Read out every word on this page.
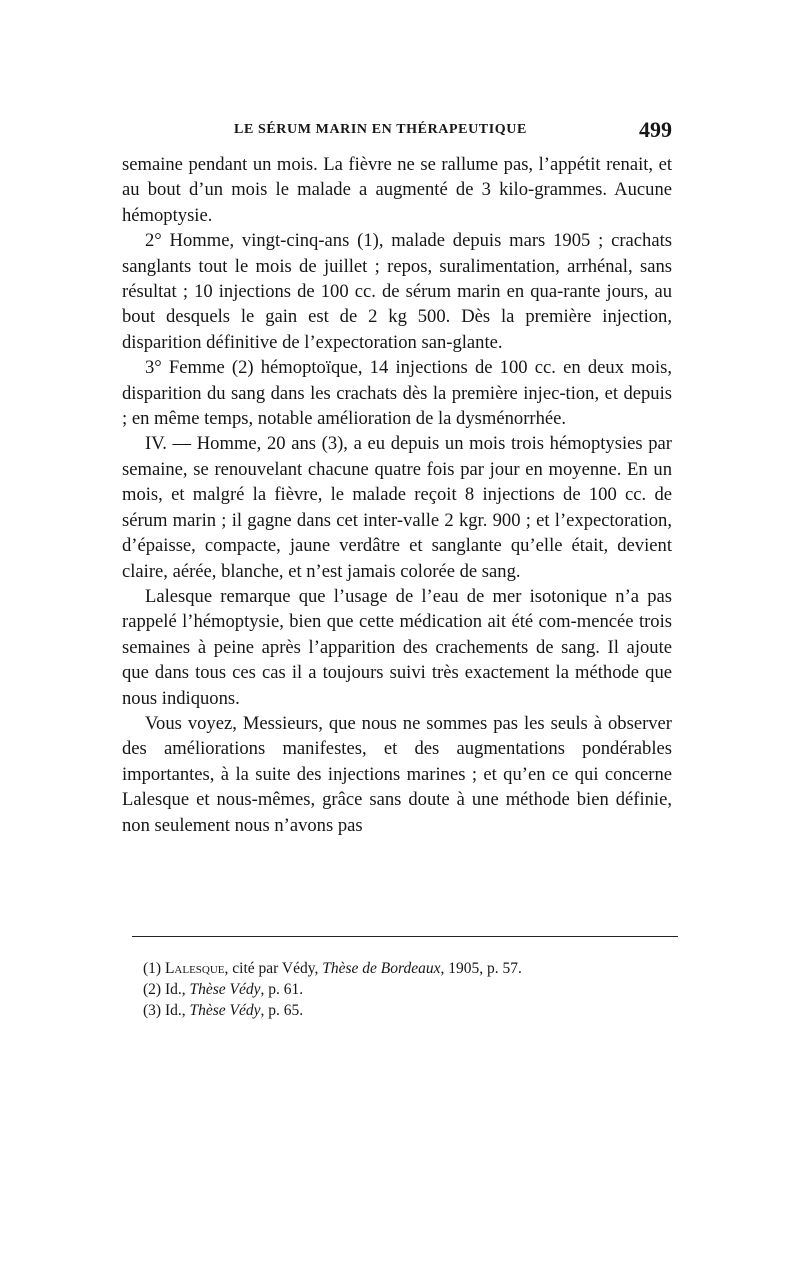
LE SÉRUM MARIN EN THÉRAPEUTIQUE	499

semaine pendant un mois. La fièvre ne se rallume pas, l’appétit renait, et au bout d’un mois le malade a augmenté de 3 kilo-grammes. Aucune hémoptysie.

2° Homme, vingt-cinq-ans (1), malade depuis mars 1905 ; crachats sanglants tout le mois de juillet ; repos, suralimentation, arrhénal, sans résultat ; 10 injections de 100 cc. de sérum marin en qua-rante jours, au bout desquels le gain est de 2 kg 500. Dès la première injection, disparition définitive de l’expectoration san-glante.

3° Femme (2) hémoptoïque, 14 injections de 100 cc. en deux mois, disparition du sang dans les crachats dès la première injec-tion, et depuis ; en même temps, notable amélioration de la dysménorrhée.

IV. — Homme, 20 ans (3), a eu depuis un mois trois hémoptysies par semaine, se renouvelant chacune quatre fois par jour en moyenne. En un mois, et malgré la fièvre, le malade reçoit 8 injections de 100 cc. de sérum marin ; il gagne dans cet inter-valle 2 kgr. 900 ; et l’expectoration, d’épaisse, compacte, jaune verdâtre et sanglante qu’elle était, devient claire, aérée, blanche, et n’est jamais colorée de sang.

Lalesque remarque que l’usage de l’eau de mer isotonique n’a pas rappelé l’hémoptysie, bien que cette médication ait été com-mencée trois semaines à peine après l’apparition des crachements de sang. Il ajoute que dans tous ces cas il a toujours suivi très exactement la méthode que nous indiquons.

Vous voyez, Messieurs, que nous ne sommes pas les seuls à observer des améliorations manifestes, et des augmentations pondérables importantes, à la suite des injections marines ; et qu’en ce qui concerne Lalesque et nous-mêmes, grâce sans doute à une méthode bien définie, non seulement nous n’avons pas

(1) Lalesque, cité par Védy, Thèse de Bordeaux, 1905, p. 57.
(2) Id., Thèse Védy, p. 61.
(3) Id., Thèse Védy, p. 65.
